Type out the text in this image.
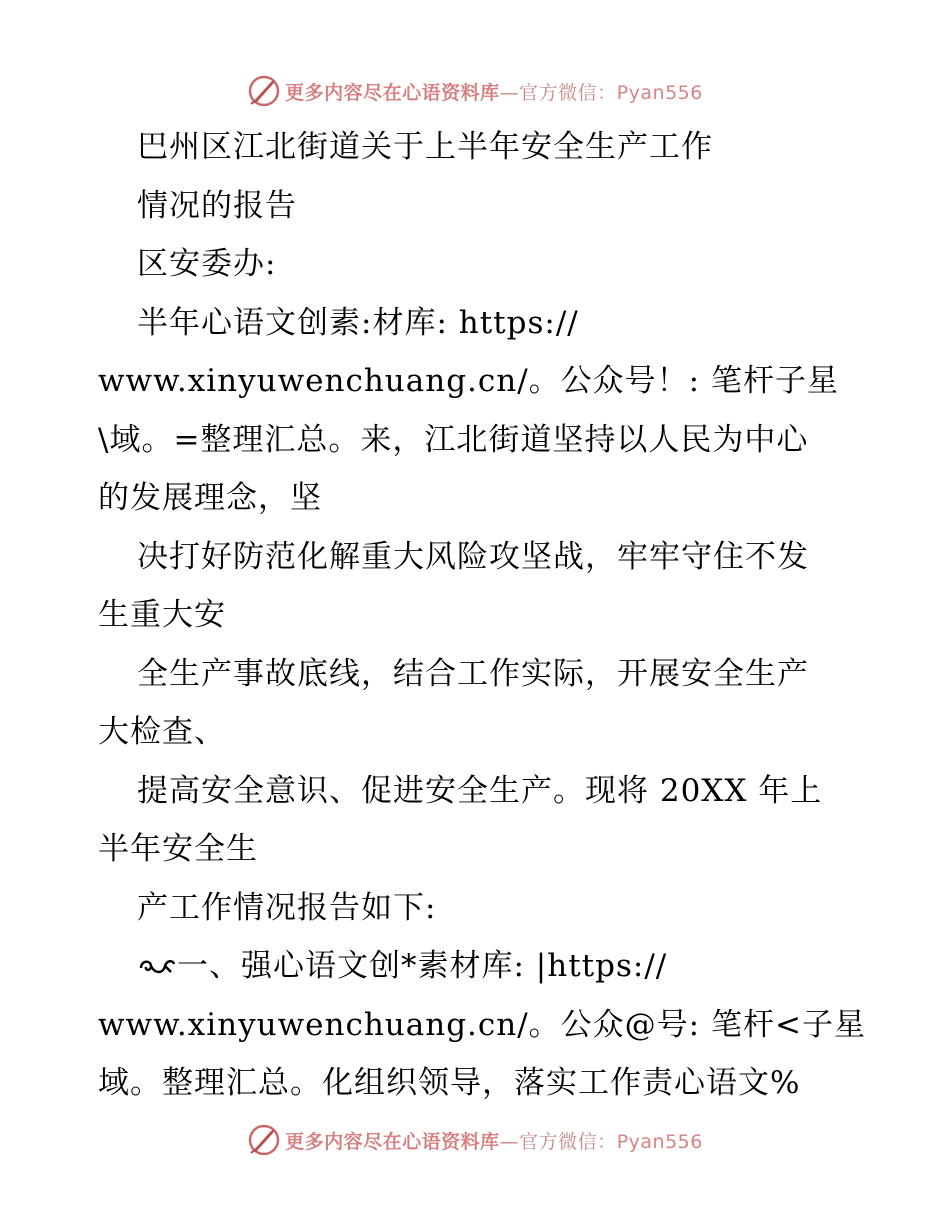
更多内容尽在心语资料库—官方微信：Pyan556
巴州区江北街道关于上半年安全生产工作
情况的报告
区安委办:
半年心语文创素:材库: https://
www.xinyuwenchuang.cn/。公众号！: 笔杆子星
\域。=整理汇总。来，江北街道坚持以人民为中心
的发展理念，坚
决打好防范化解重大风险攻坚战，牢牢守住不发
生重大安
全生产事故底线，结合工作实际，开展安全生产
大检查、
提高安全意识、促进安全生产。现将 20XX 年上
半年安全生
产工作情况报告如下:
一、强心语文创*素材库: |https://
www.xinyuwenchuang.cn/。公众@号: 笔杆<子星
域。整理汇总。化组织领导，落实工作责心语文%
更多内容尽在心语资料库—官方微信：Pyan556
